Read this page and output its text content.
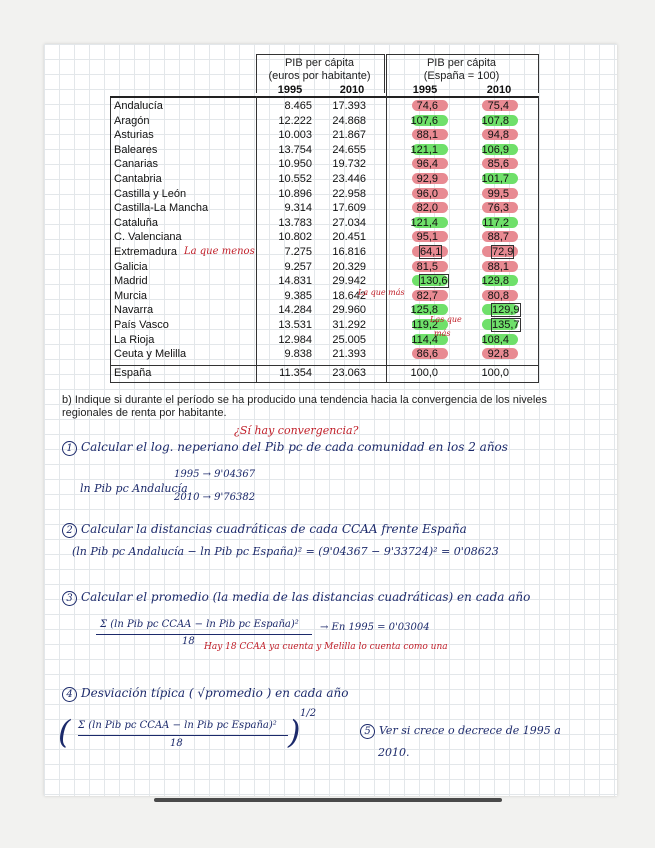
PIB per cápita
(euros por habitante)
PIB per cápita
(España = 100)
1995	2010	1995	2010
Andalucía	8.465	17.393	74,6	75,4
Aragón	12.222	24.868	107,6	107,8
Asturias	10.003	21.867	88,1	94,8
Baleares	13.754	24.655	121,1	106,9
Canarias	10.950	19.732	96,4	85,6
Cantabria	10.552	23.446	92,9	101,7
Castilla y León	10.896	22.958	96,0	99,5
Castilla-La Mancha	9.314	17.609	82,0	76,3
Cataluña	13.783	27.034	121,4	117,2
C. Valenciana	10.802	20.451	95,1	88,7
Extremadura	7.275	16.816	64,1	72,9
Galicia	9.257	20.329	81,5	88,1
Madrid	14.831	29.942	130,6	129,8
Murcia	9.385	18.642	82,7	80,8
Navarra	14.284	29.960	125,8	129,9
País Vasco	13.531	31.292	119,2	135,7
La Rioja	12.984	25.005	114,4	108,4
Ceuta y Melilla	9.838	21.393	86,6	92,8
España	11.354	23.063	100,0	100,0
La que menos
La que más
Las que
más
b) Indique si durante el período se ha producido una tendencia hacia la convergencia de los niveles
regionales de renta por habitante.
¿Sí hay convergencia?
1 Calcular el log. neperiano del Pib pc de cada comunidad en los 2 años
ln Pib pc Andalucía
1995 → 9'04367
2010 → 9'76382
2 Calcular la distancias cuadráticas de cada CCAA frente España
(ln Pib pc Andalucía − ln Pib pc España)² = (9'04367 − 9'33724)² = 0'08623
3 Calcular el promedio (la media de las distancias cuadráticas) en cada año
Σ (ln Pib pc CCAA − ln Pib pc España)²
18
→ En 1995 = 0'03004
Hay 18 CCAA ya cuenta y Melilla lo cuenta como una
4 Desviación típica ( √promedio ) en cada año
( Σ (ln Pib pc CCAA − ln Pib pc España)²
18	) 1/2
5 Ver si crece o decrece de 1995 a
2010.
